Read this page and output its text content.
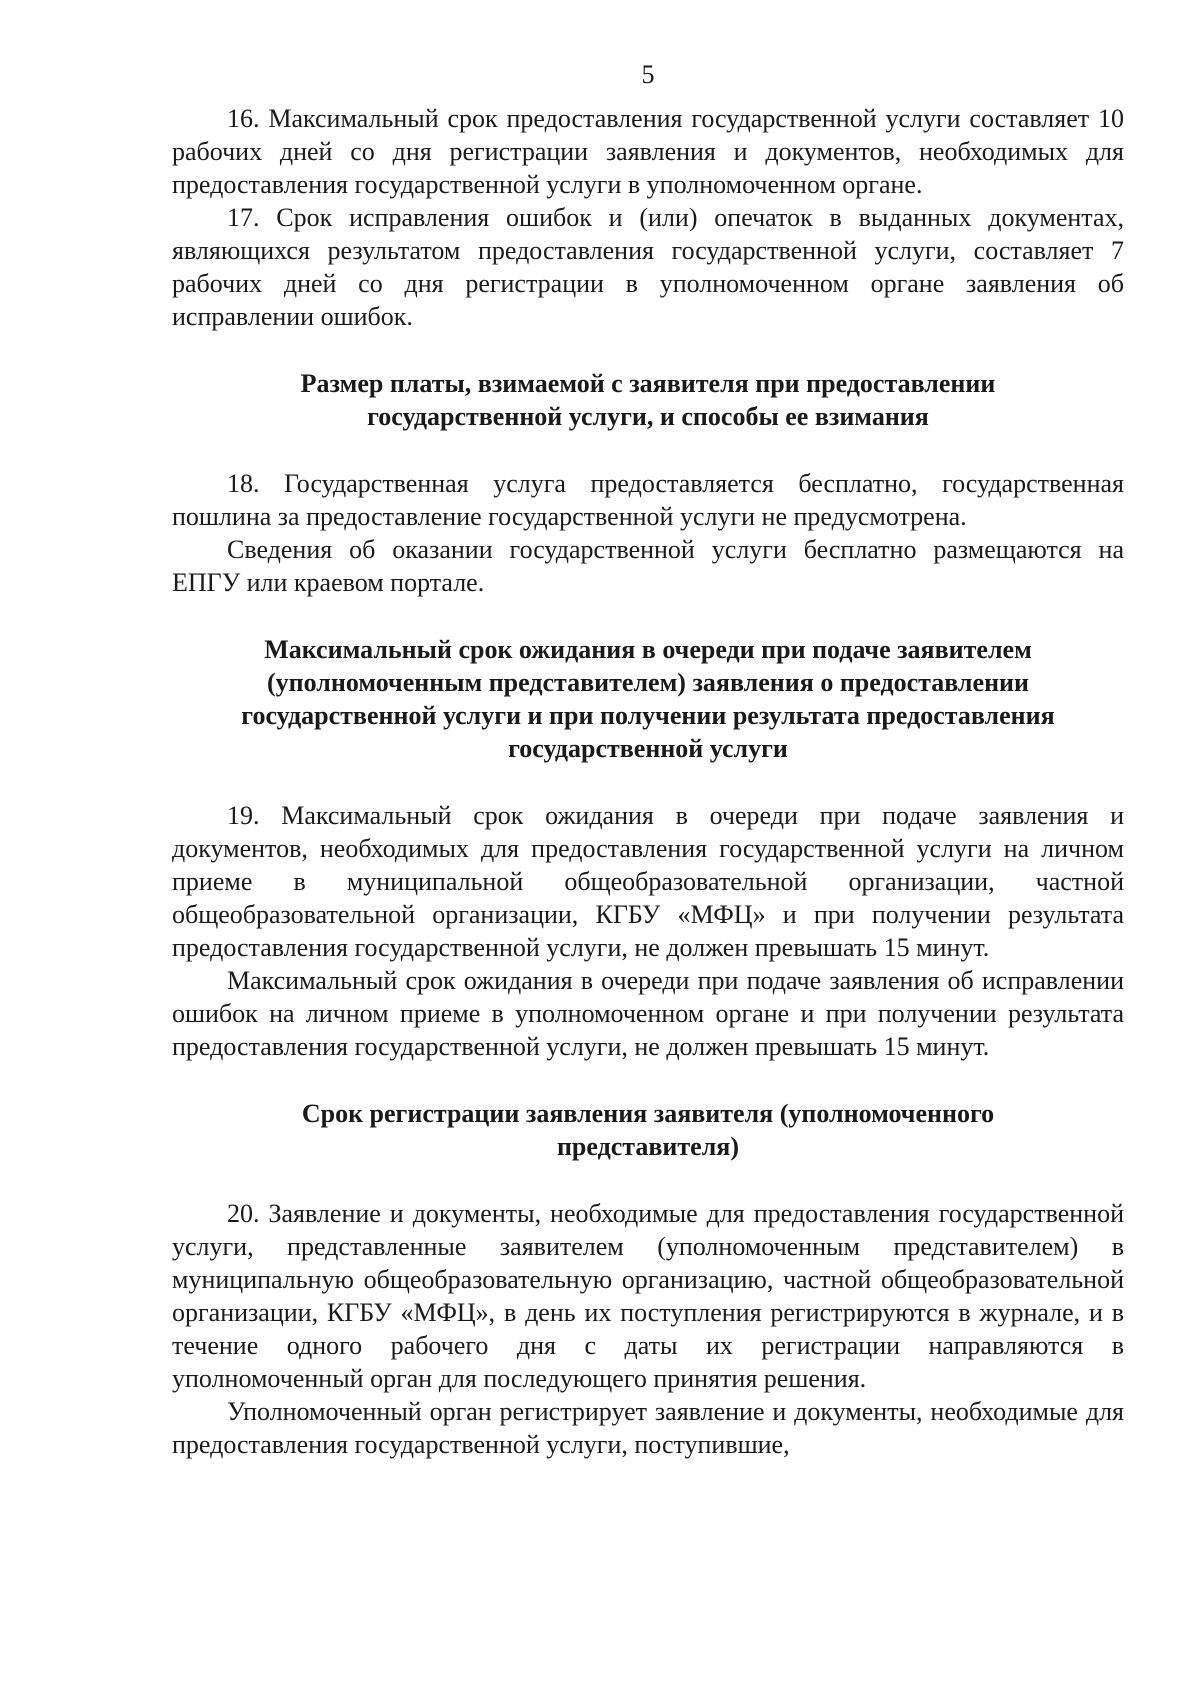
5

16. Максимальный срок предоставления государственной услуги составляет 10 рабочих дней со дня регистрации заявления и документов, необходимых для предоставления государственной услуги в уполномоченном органе.

17. Срок исправления ошибок и (или) опечаток в выданных документах, являющихся результатом предоставления государственной услуги, составляет 7 рабочих дней со дня регистрации в уполномоченном органе заявления об исправлении ошибок.

Размер платы, взимаемой с заявителя при предоставлении государственной услуги, и способы ее взимания

18. Государственная услуга предоставляется бесплатно, государственная пошлина за предоставление государственной услуги не предусмотрена.

Сведения об оказании государственной услуги бесплатно размещаются на ЕПГУ или краевом портале.

Максимальный срок ожидания в очереди при подаче заявителем (уполномоченным представителем) заявления о предоставлении государственной услуги и при получении результата предоставления государственной услуги

19. Максимальный срок ожидания в очереди при подаче заявления и документов, необходимых для предоставления государственной услуги на личном приеме в муниципальной общеобразовательной организации, частной общеобразовательной организации, КГБУ «МФЦ» и при получении результата предоставления государственной услуги, не должен превышать 15 минут.

Максимальный срок ожидания в очереди при подаче заявления об исправлении ошибок на личном приеме в уполномоченном органе и при получении результата предоставления государственной услуги, не должен превышать 15 минут.

Срок регистрации заявления заявителя (уполномоченного представителя)

20. Заявление и документы, необходимые для предоставления государственной услуги, представленные заявителем (уполномоченным представителем) в муниципальную общеобразовательную организацию, частной общеобразовательной организации, КГБУ «МФЦ», в день их поступления регистрируются в журнале, и в течение одного рабочего дня с даты их регистрации направляются в уполномоченный орган для последующего принятия решения.

Уполномоченный орган регистрирует заявление и документы, необходимые для предоставления государственной услуги, поступившие,
